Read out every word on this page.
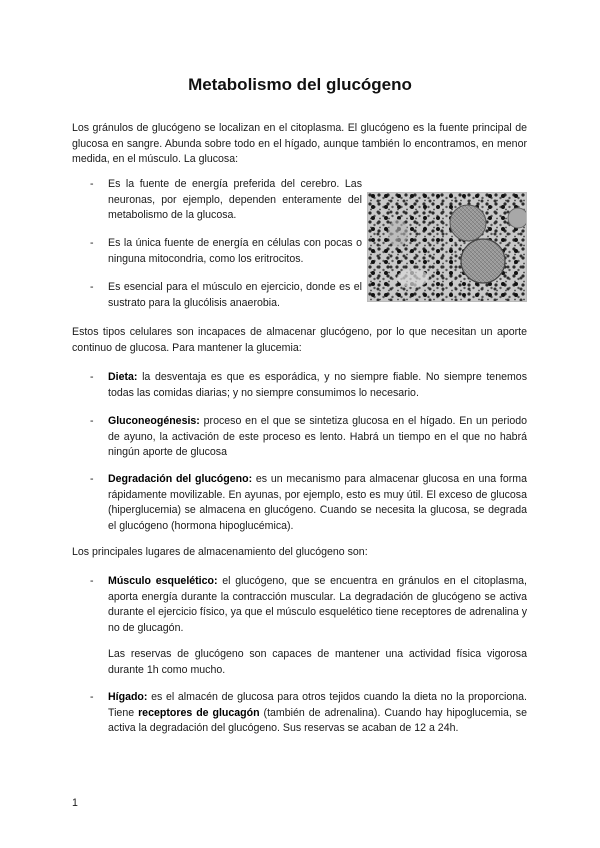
Metabolismo del glucógeno

Los gránulos de glucógeno se localizan en el citoplasma. El glucógeno es la fuente principal de glucosa en sangre. Abunda sobre todo en el hígado, aunque también lo encontramos, en menor medida, en el músculo. La glucosa:

- Es la fuente de energía preferida del cerebro. Las neuronas, por ejemplo, dependen enteramente del metabolismo de la glucosa.
- Es la única fuente de energía en células con pocas o ninguna mitocondria, como los eritrocitos.
- Es esencial para el músculo en ejercicio, donde es el sustrato para la glucólisis anaerobia.

Estos tipos celulares son incapaces de almacenar glucógeno, por lo que necesitan un aporte continuo de glucosa. Para mantener la glucemia:

- Dieta: la desventaja es que es esporádica, y no siempre fiable. No siempre tenemos todas las comidas diarias; y no siempre consumimos lo necesario.
- Gluconeogénesis: proceso en el que se sintetiza glucosa en el hígado. En un periodo de ayuno, la activación de este proceso es lento. Habrá un tiempo en el que no habrá ningún aporte de glucosa
- Degradación del glucógeno: es un mecanismo para almacenar glucosa en una forma rápidamente movilizable. En ayunas, por ejemplo, esto es muy útil. El exceso de glucosa (hiperglucemia) se almacena en glucógeno. Cuando se necesita la glucosa, se degrada el glucógeno (hormona hipoglucémica).

Los principales lugares de almacenamiento del glucógeno son:

- Músculo esquelético: el glucógeno, que se encuentra en gránulos en el citoplasma, aporta energía durante la contracción muscular. La degradación de glucógeno se activa durante el ejercicio físico, ya que el músculo esquelético tiene receptores de adrenalina y no de glucagón.
Las reservas de glucógeno son capaces de mantener una actividad física vigorosa durante 1h como mucho.
- Hígado: es el almacén de glucosa para otros tejidos cuando la dieta no la proporciona. Tiene receptores de glucagón (también de adrenalina). Cuando hay hipoglucemia, se activa la degradación del glucógeno. Sus reservas se acaban de 12 a 24h.
1
